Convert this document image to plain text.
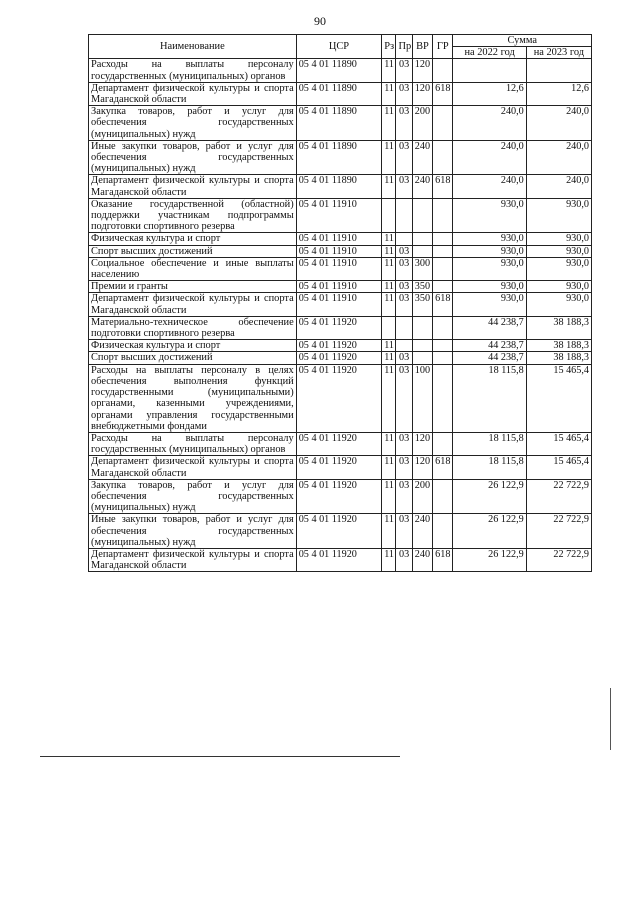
90
Наименование	ЦСР	Рз	Пр	ВР	ГР	Сумма	
						на 2022 год	на 2023 год
Расходы на выплаты персоналу государственных (муниципальных) органов	05 4 01 11890	11	03	120			
Департамент физической культуры и спорта Магаданской области	05 4 01 11890	11	03	120	618	12,6	12,6
Закупка товаров, работ и услуг для обеспечения государственных (муниципальных) нужд	05 4 01 11890	11	03	200		240,0	240,0
Иные закупки товаров, работ и услуг для обеспечения государственных (муниципальных) нужд	05 4 01 11890	11	03	240		240,0	240,0
Департамент физической культуры и спорта Магаданской области	05 4 01 11890	11	03	240	618	240,0	240,0
Оказание государственной (областной) поддержки участникам подпрограммы подготовки спортивного резерва	05 4 01 11910					930,0	930,0
Физическая культура и спорт	05 4 01 11910	11				930,0	930,0
Спорт высших достижений	05 4 01 11910	11	03			930,0	930,0
Социальное обеспечение и иные выплаты населению	05 4 01 11910	11	03	300		930,0	930,0
Премии и гранты	05 4 01 11910	11	03	350		930,0	930,0
Департамент физической культуры и спорта Магаданской области	05 4 01 11910	11	03	350	618	930,0	930,0
Материально-техническое обеспечение подготовки спортивного резерва	05 4 01 11920					44 238,7	38 188,3
Физическая культура и спорт	05 4 01 11920	11				44 238,7	38 188,3
Спорт высших достижений	05 4 01 11920	11	03			44 238,7	38 188,3
Расходы на выплаты персоналу в целях обеспечения выполнения функций государственными (муниципальными) органами, казенными учреждениями, органами управления государственными внебюджетными фондами	05 4 01 11920	11	03	100		18 115,8	15 465,4
Расходы на выплаты персоналу государственных (муниципальных) органов	05 4 01 11920	11	03	120		18 115,8	15 465,4
Департамент физической культуры и спорта Магаданской области	05 4 01 11920	11	03	120	618	18 115,8	15 465,4
Закупка товаров, работ и услуг для обеспечения государственных (муниципальных) нужд	05 4 01 11920	11	03	200		26 122,9	22 722,9
Иные закупки товаров, работ и услуг для обеспечения государственных (муниципальных) нужд	05 4 01 11920	11	03	240		26 122,9	22 722,9
Департамент физической культуры и спорта Магаданской области	05 4 01 11920	11	03	240	618	26 122,9	22 722,9
